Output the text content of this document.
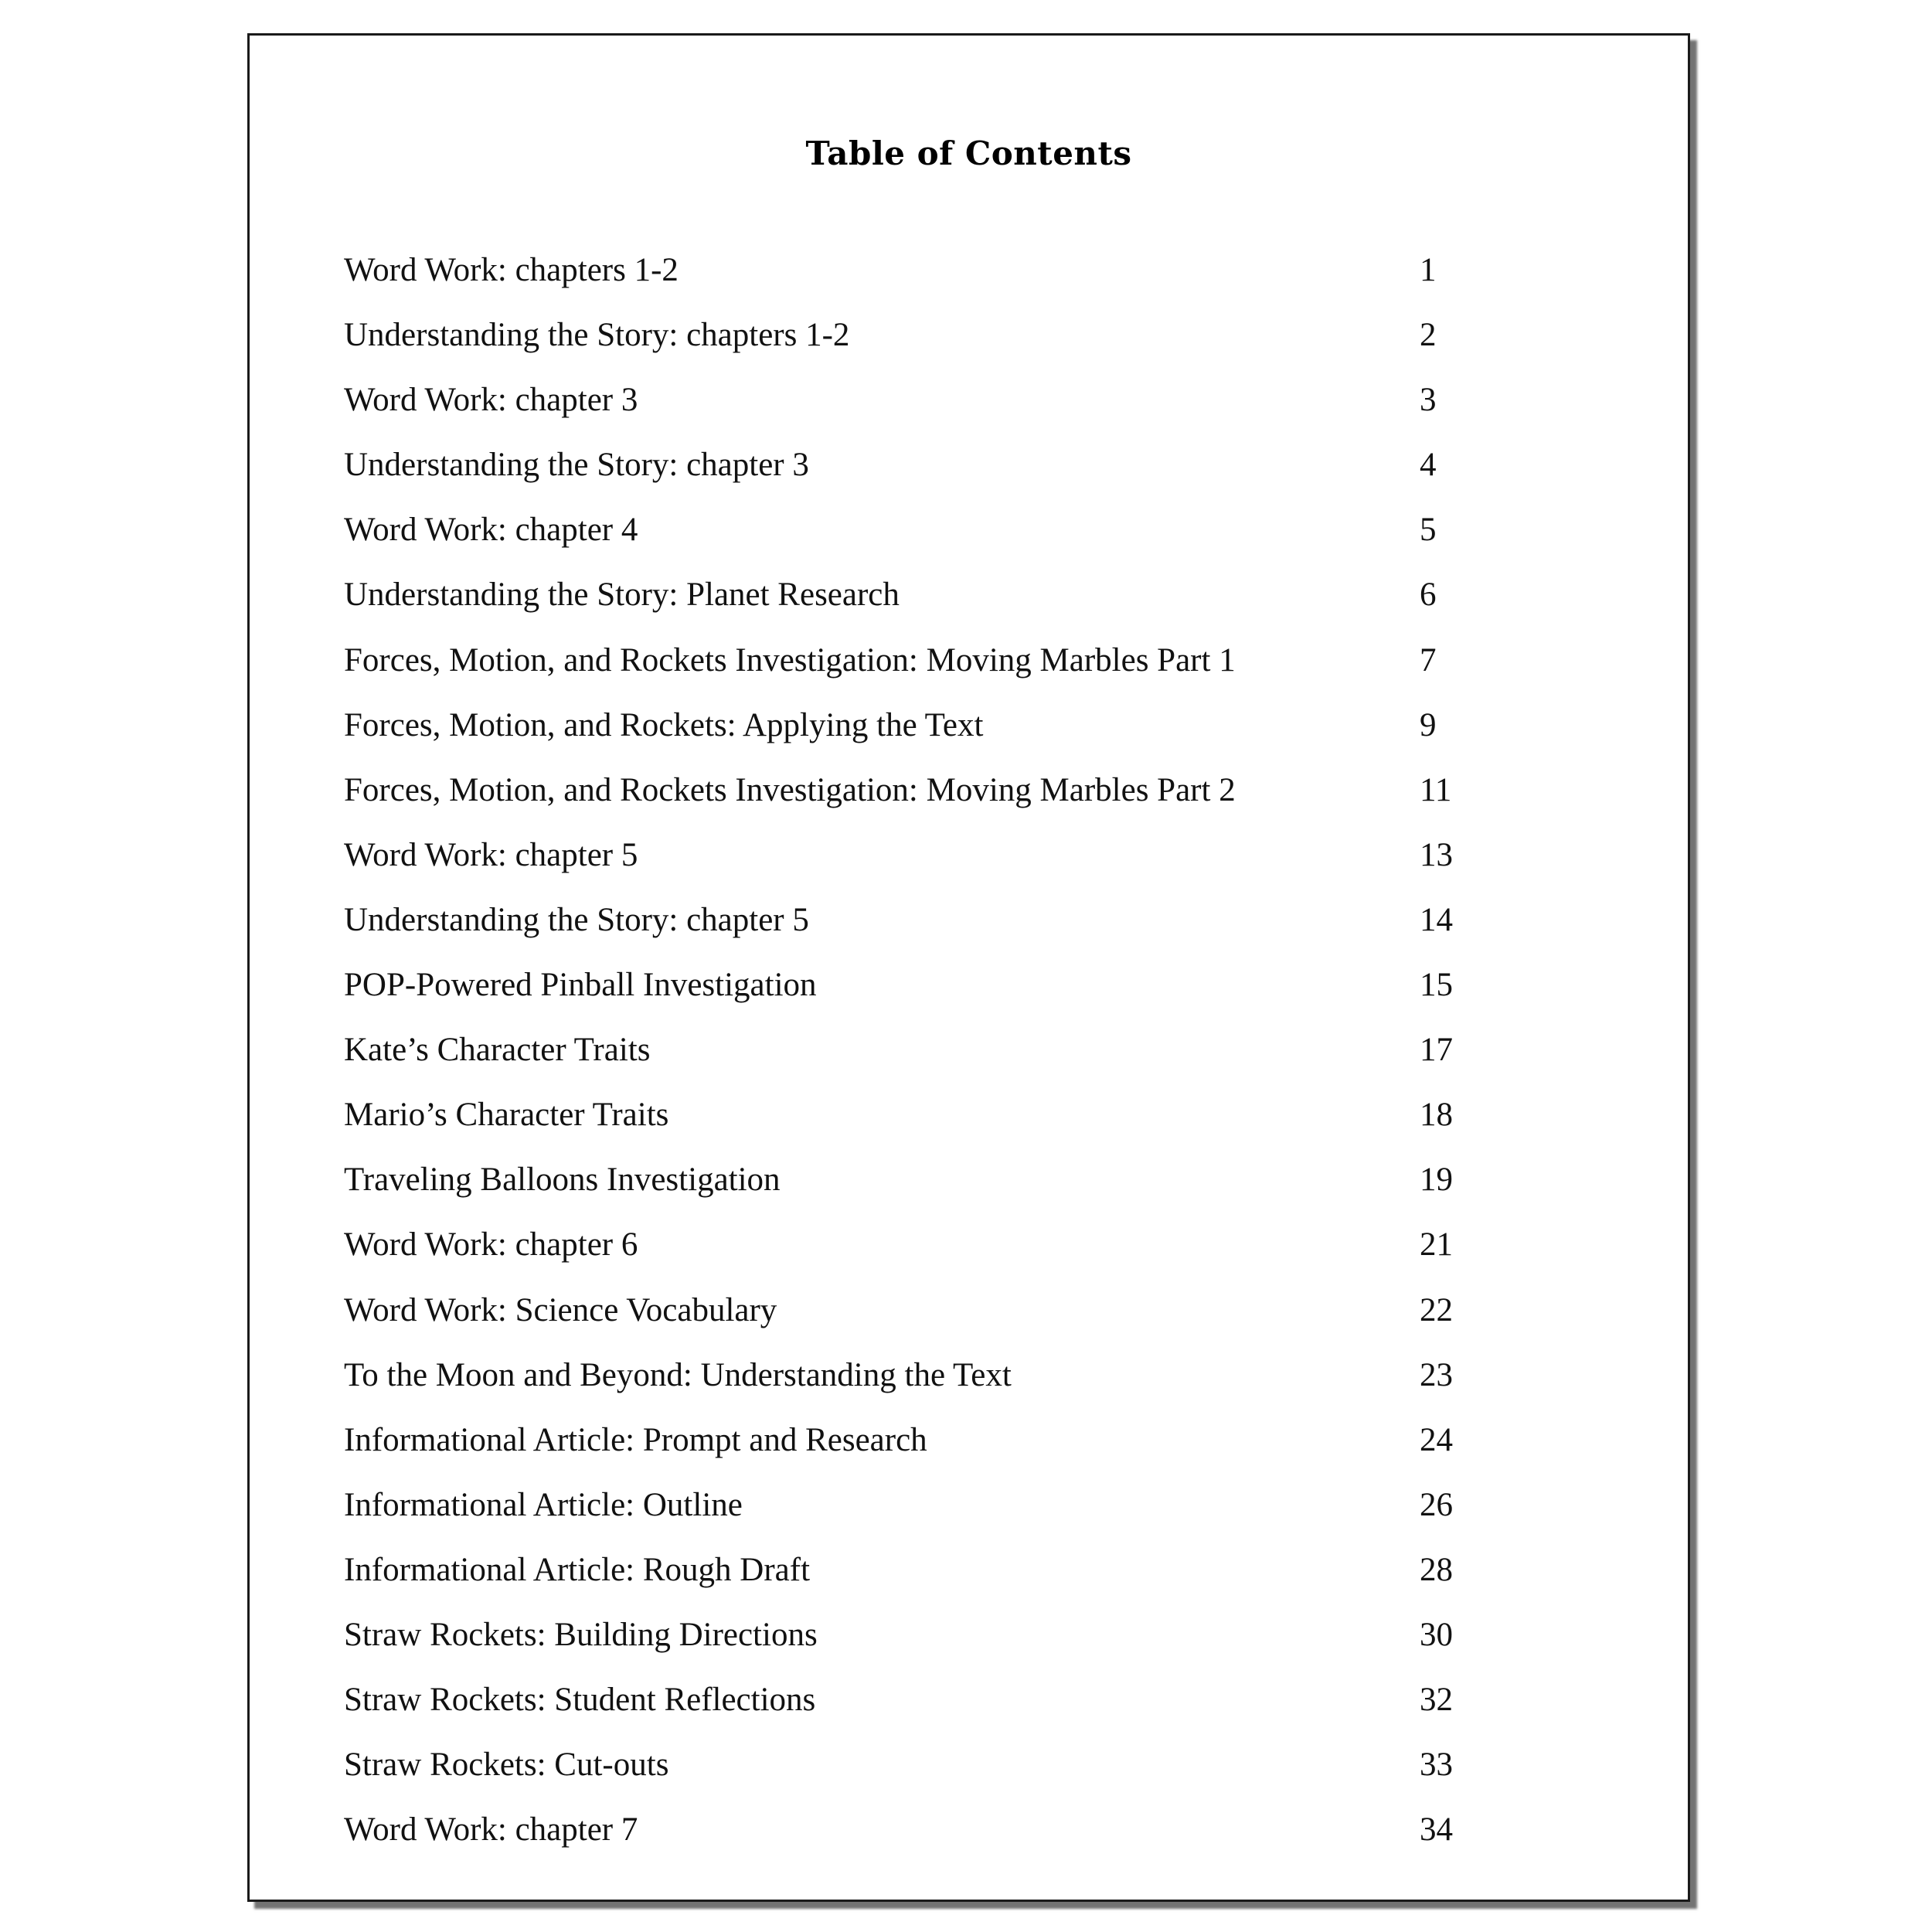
Table of Contents
Word Work: chapters 1-2	1
Understanding the Story: chapters 1-2	2
Word Work: chapter 3	3
Understanding the Story: chapter 3	4
Word Work: chapter 4	5
Understanding the Story: Planet Research	6
Forces, Motion, and Rockets Investigation: Moving Marbles Part 1	7
Forces, Motion, and Rockets: Applying the Text	9
Forces, Motion, and Rockets Investigation: Moving Marbles Part 2	11
Word Work: chapter 5	13
Understanding the Story: chapter 5	14
POP-Powered Pinball Investigation	15
Kate’s Character Traits	17
Mario’s Character Traits	18
Traveling Balloons Investigation	19
Word Work: chapter 6	21
Word Work: Science Vocabulary	22
To the Moon and Beyond: Understanding the Text	23
Informational Article: Prompt and Research	24
Informational Article: Outline	26
Informational Article: Rough Draft	28
Straw Rockets: Building Directions	30
Straw Rockets: Student Reflections	32
Straw Rockets: Cut-outs	33
Word Work: chapter 7	34
